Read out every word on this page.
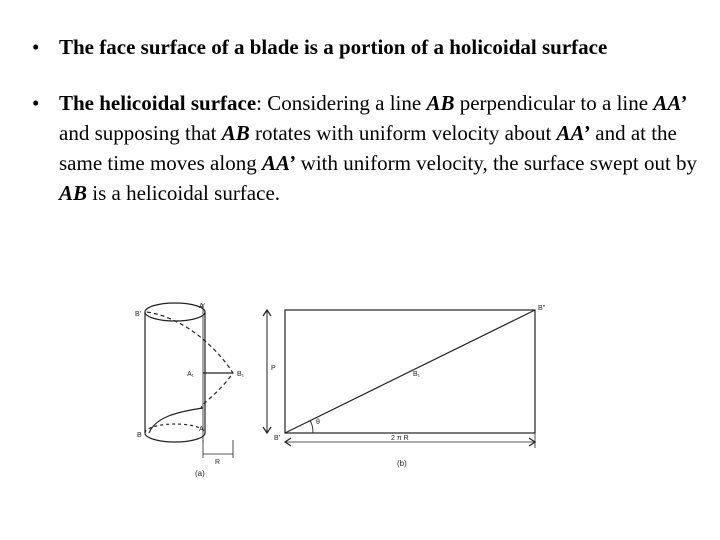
• The face surface of a blade is a portion of a holicoidal surface
• The helicoidal surface: Considering a line AB perpendicular to a line AA’ and supposing that AB rotates with uniform velocity about AA’ and at the same time moves along AA’ with uniform velocity, the surface swept out by AB is a helicoidal surface.
B'
A'
A₁	B₁
P
B
A
R
(a)
B''
B₁
θ
B'	2 π R
(b)
